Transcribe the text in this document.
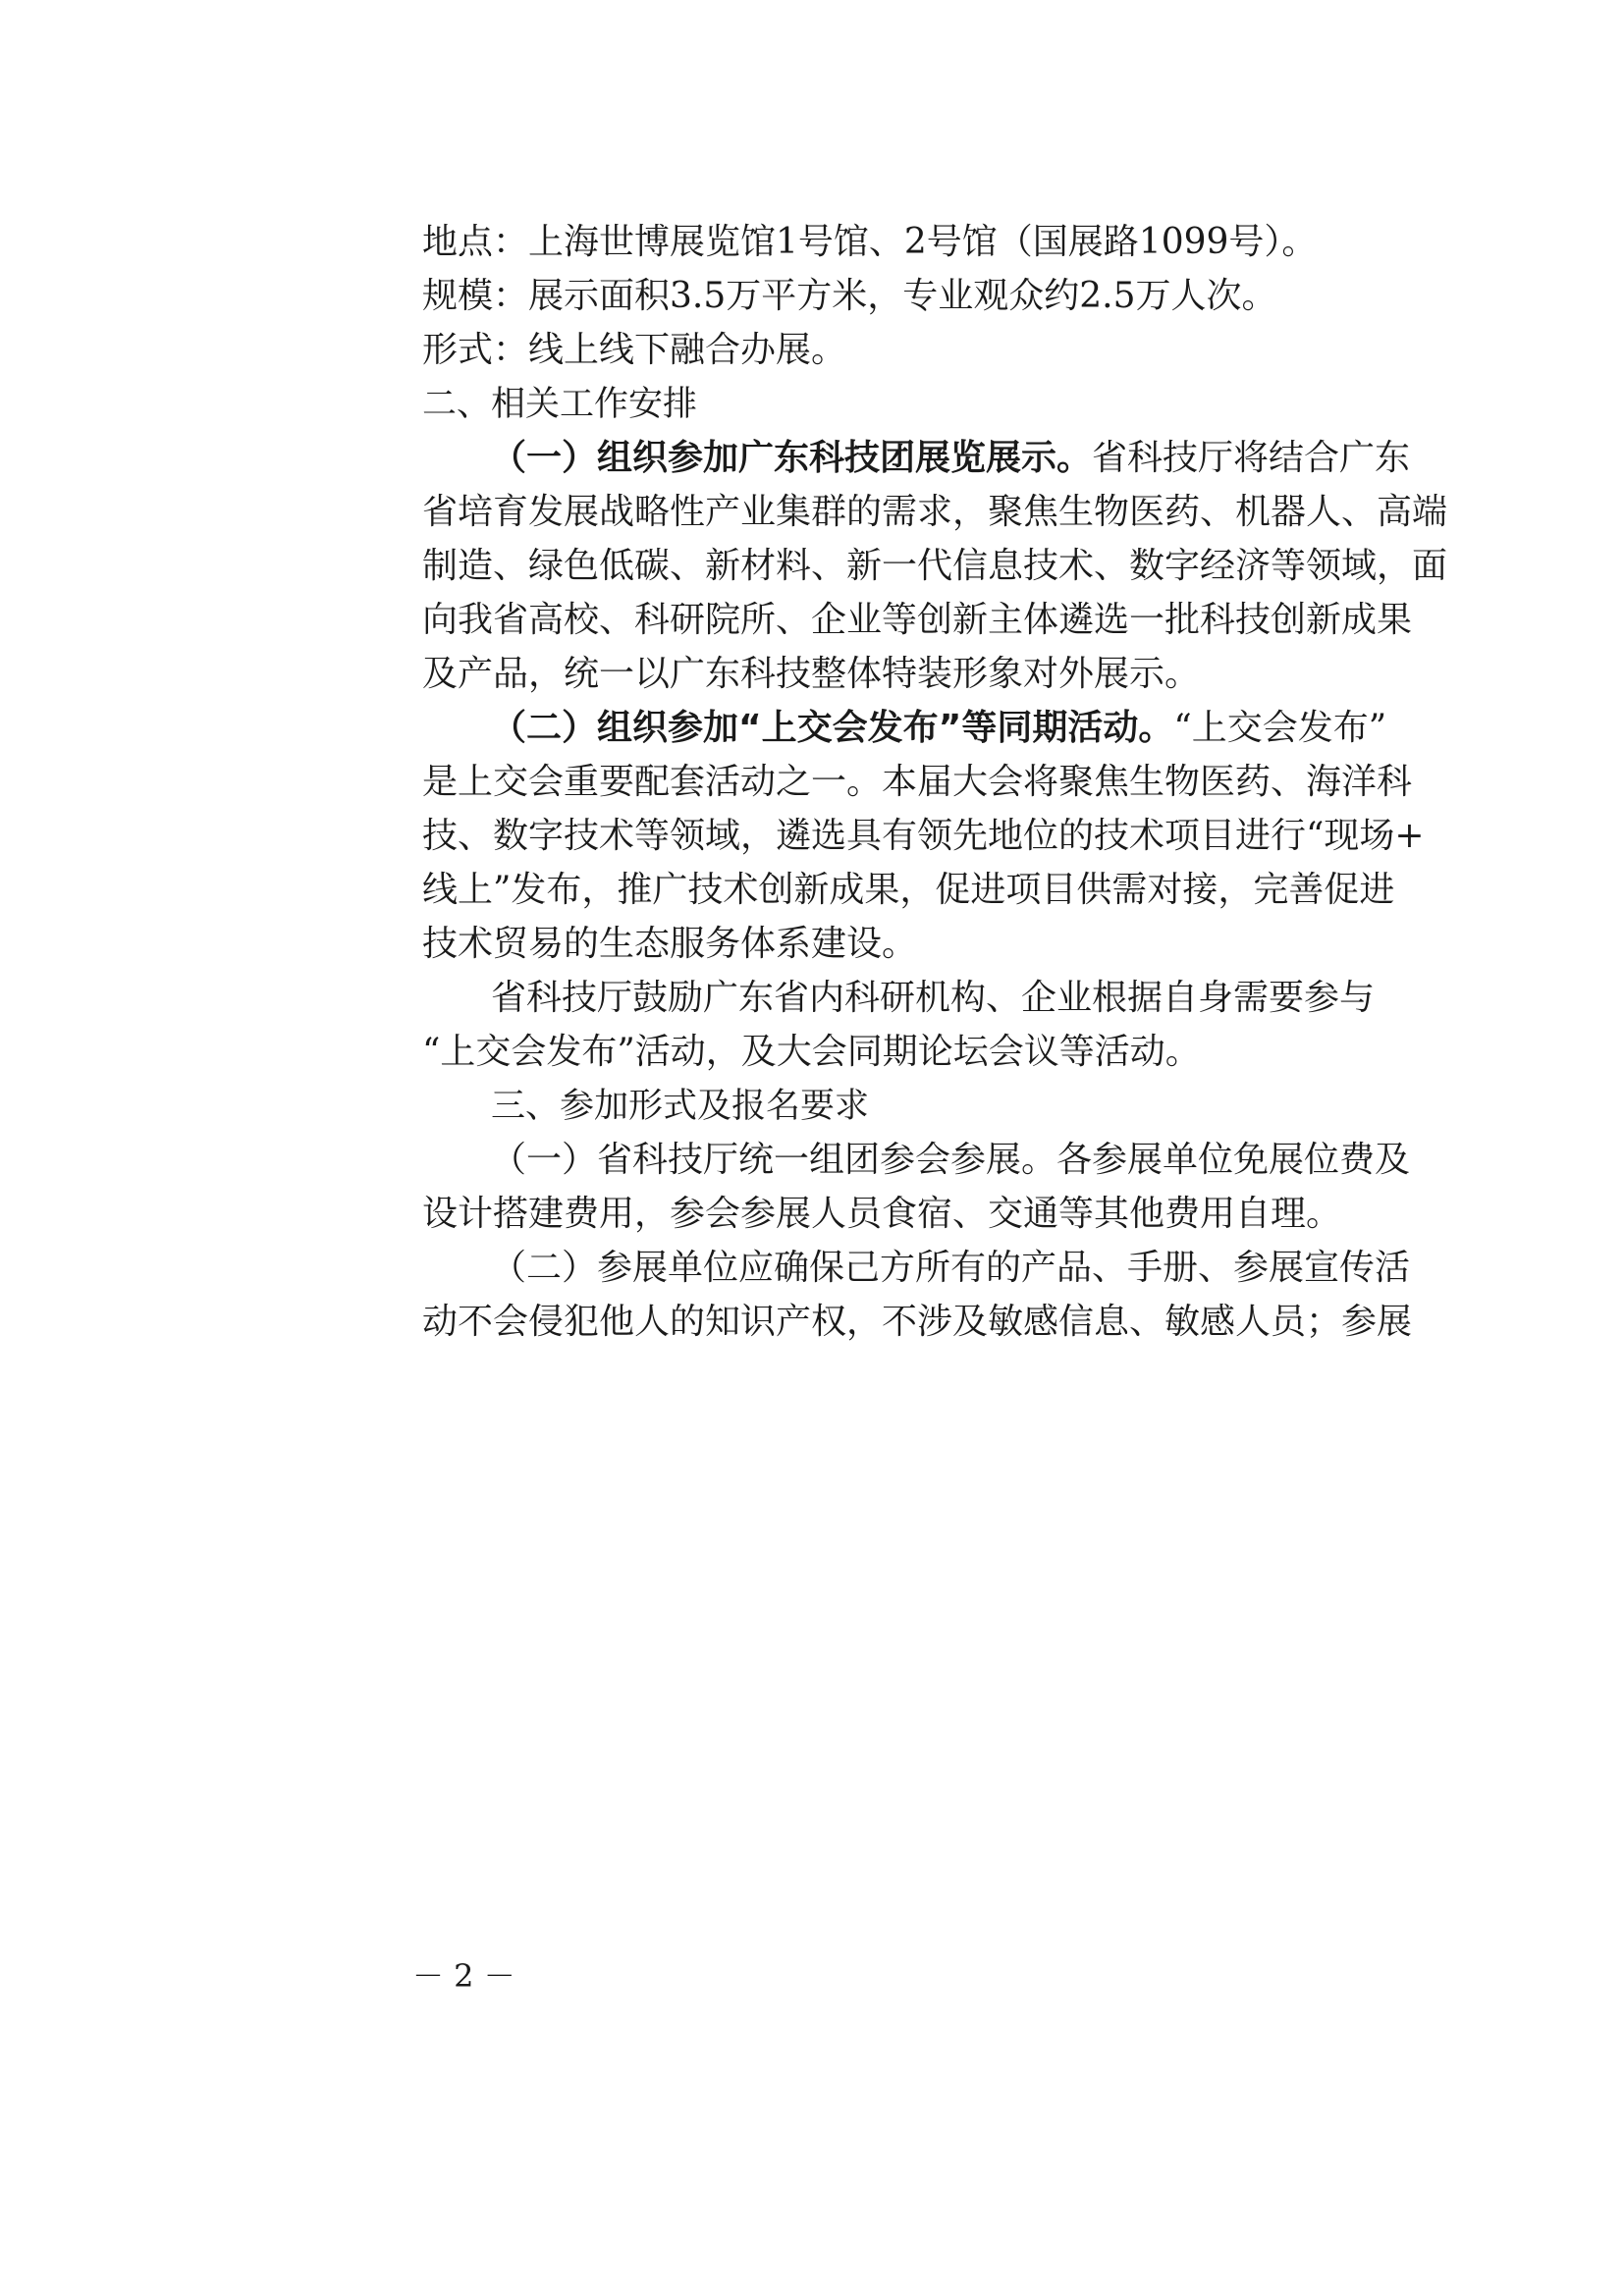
地点：上海世博展览馆1号馆、2号馆（国展路1099号）。
规模：展示面积3.5万平方米，专业观众约2.5万人次。
形式：线上线下融合办展。
二、相关工作安排
（一）组织参加广东科技团展览展示。省科技厅将结合广东
省培育发展战略性产业集群的需求，聚焦生物医药、机器人、高端
制造、绿色低碳、新材料、新一代信息技术、数字经济等领域，面
向我省高校、科研院所、企业等创新主体遴选一批科技创新成果
及产品，统一以广东科技整体特装形象对外展示。
（二）组织参加“上交会发布”等同期活动。“上交会发布”
是上交会重要配套活动之一。本届大会将聚焦生物医药、海洋科
技、数字技术等领域，遴选具有领先地位的技术项目进行“现场+
线上”发布，推广技术创新成果，促进项目供需对接，完善促进
技术贸易的生态服务体系建设。
省科技厅鼓励广东省内科研机构、企业根据自身需要参与
“上交会发布”活动，及大会同期论坛会议等活动。
三、参加形式及报名要求
（一）省科技厅统一组团参会参展。各参展单位免展位费及
设计搭建费用，参会参展人员食宿、交通等其他费用自理。
（二）参展单位应确保己方所有的产品、手册、参展宣传活
动不会侵犯他人的知识产权，不涉及敏感信息、敏感人员；参展
－ 2 －
